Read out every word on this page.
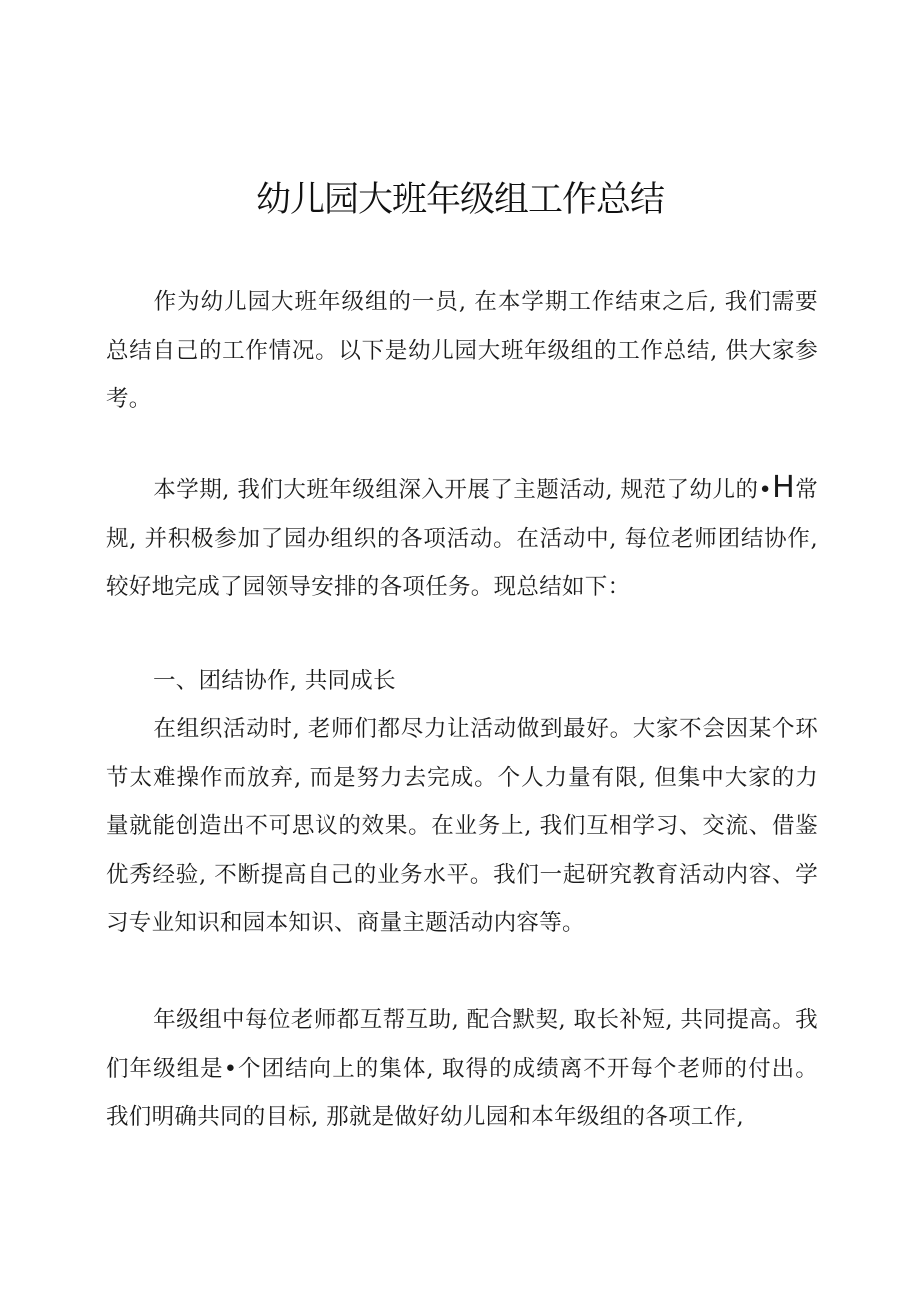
幼儿园大班年级组工作总结

作为幼儿园大班年级组的一员, 在本学期工作结束之后, 我们需要总结自己的工作情况。以下是幼儿园大班年级组的工作总结, 供大家参考。

本学期, 我们大班年级组深入开展了主题活动, 规范了幼儿的•H常规, 并积极参加了园办组织的各项活动。在活动中, 每位老师团结协作, 较好地完成了园领导安排的各项任务。现总结如下：

一、团结协作, 共同成长

在组织活动时, 老师们都尽力让活动做到最好。大家不会因某个环节太难操作而放弃, 而是努力去完成。个人力量有限, 但集中大家的力量就能创造出不可思议的效果。在业务上, 我们互相学习、交流、借鉴优秀经验, 不断提高自己的业务水平。我们一起研究教育活动内容、学习专业知识和园本知识、商量主题活动内容等。

年级组中每位老师都互帮互助, 配合默契, 取长补短, 共同提高。我们年级组是•个团结向上的集体, 取得的成绩离不开每个老师的付出。我们明确共同的目标, 那就是做好幼儿园和本年级组的各项工作,
